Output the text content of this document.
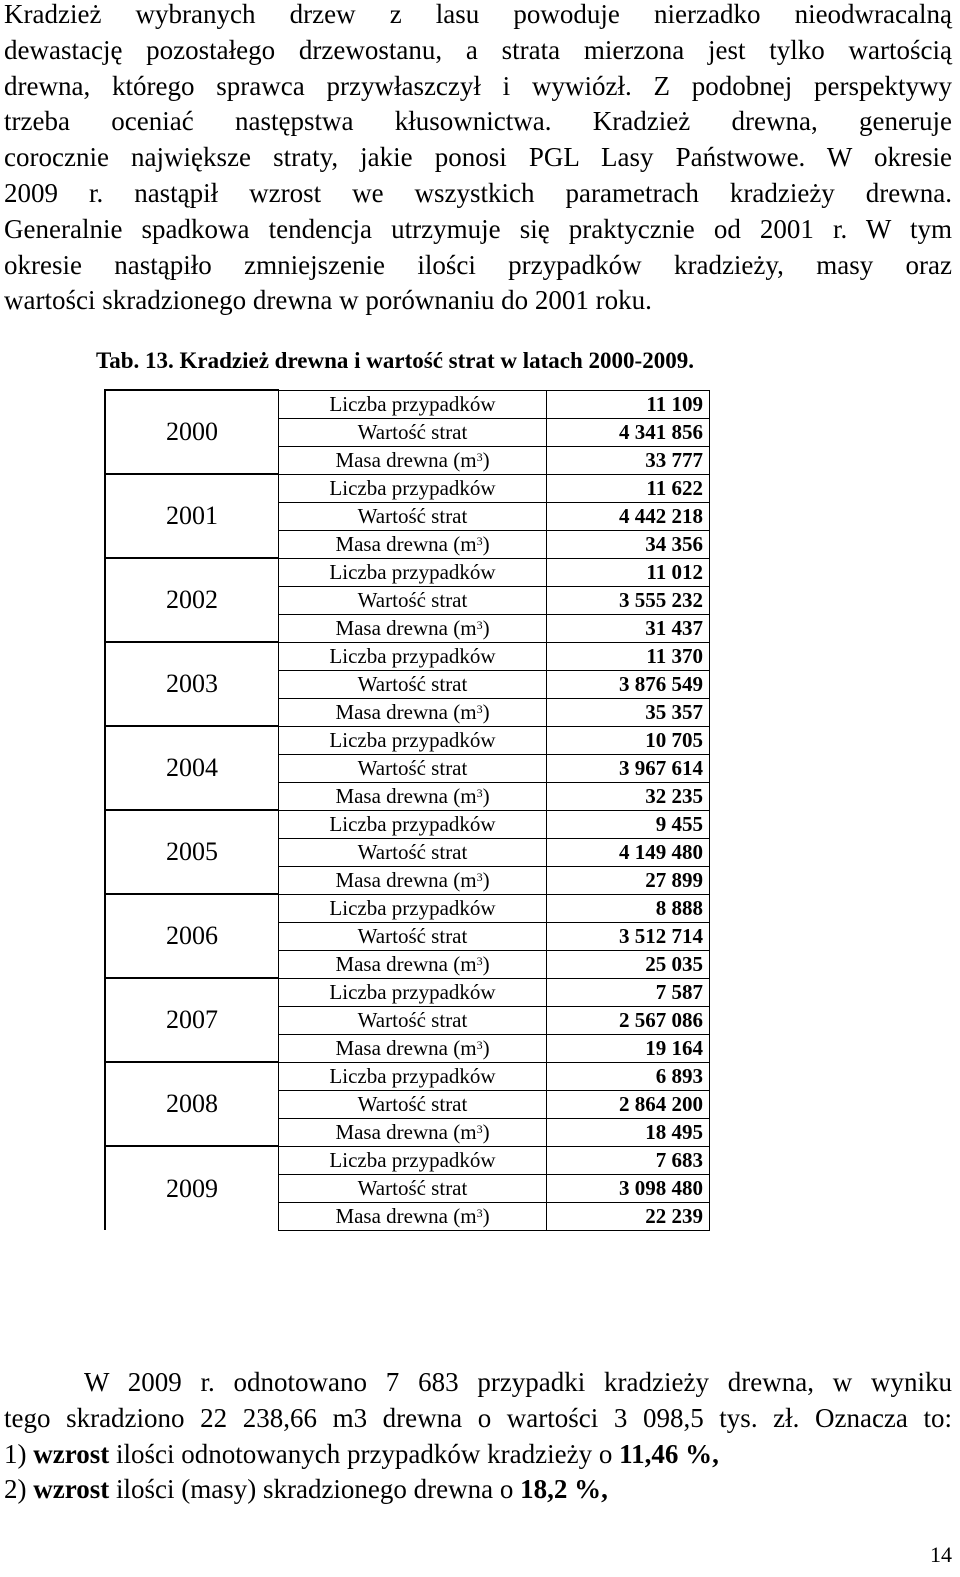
Kradzież wybranych drzew z lasu powoduje nierzadko nieodwracalną
dewastację pozostałego drzewostanu, a strata mierzona jest tylko wartością
drewna, którego sprawca przywłaszczył i wywiózł. Z podobnej perspektywy
trzeba oceniać następstwa kłusownictwa. Kradzież drewna, generuje
corocznie największe straty, jakie ponosi PGL Lasy Państwowe. W okresie
2009 r. nastąpił wzrost we wszystkich parametrach kradzieży drewna.
Generalnie spadkowa tendencja utrzymuje się praktycznie od 2001 r. W tym
okresie nastąpiło zmniejszenie ilości przypadków kradzieży, masy oraz
wartości skradzionego drewna w porównaniu do 2001 roku.

Tab. 13. Kradzież drewna i wartość strat w latach 2000-2009.

2000	Liczba przypadków	11 109
	Wartość strat	4 341 856
	Masa drewna $(m^3)$	33 777
2001	Liczba przypadków	11 622
	Wartość strat	4 442 218
	Masa drewna $(m^3)$	34 356
2002	Liczba przypadków	11 012
	Wartość strat	3 555 232
	Masa drewna $(m^3)$	31 437
2003	Liczba przypadków	11 370
	Wartość strat	3 876 549
	Masa drewna $(m^3)$	35 357
2004	Liczba przypadków	10 705
	Wartość strat	3 967 614
	Masa drewna $(m^3)$	32 235
2005	Liczba przypadków	9 455
	Wartość strat	4 149 480
	Masa drewna $(m^3)$	27 899
2006	Liczba przypadków	8 888
	Wartość strat	3 512 714
	Masa drewna $(m^3)$	25 035
2007	Liczba przypadków	7 587
	Wartość strat	2 567 086
	Masa drewna $(m^3)$	19 164
2008	Liczba przypadków	6 893
	Wartość strat	2 864 200
	Masa drewna $(m^3)$	18 495
2009	Liczba przypadków	7 683
	Wartość strat	3 098 480
	Masa drewna $(m^3)$	22 239
W 2009 r. odnotowano 7 683 przypadki kradzieży drewna, w wyniku
tego skradziono 22 238,66 m3 drewna o wartości 3 098,5 tys. zł. Oznacza to:
1) wzrost ilości odnotowanych przypadków kradzieży o 11,46 %,
2) wzrost ilości (masy) skradzionego drewna o 18,2 %,

14
